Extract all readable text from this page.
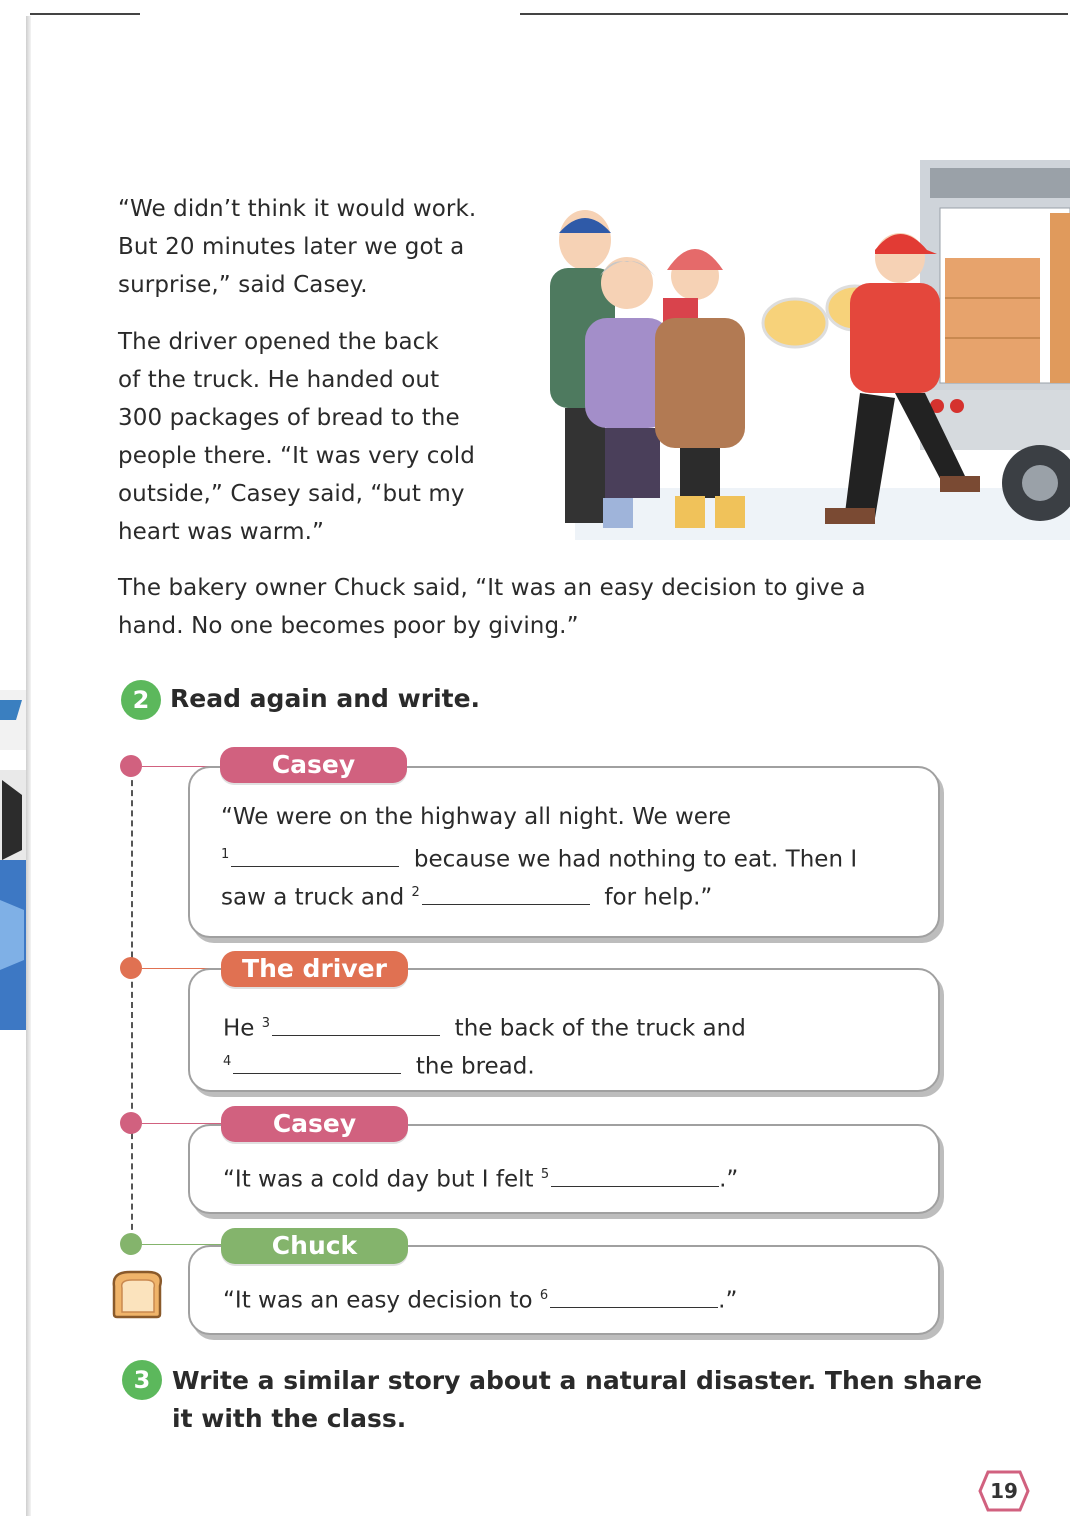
“We didn’t think it would work.
But 20 minutes later we got a
surprise,” said Casey.
The driver opened the back
of the truck. He handed out
300 packages of bread to the
people there. “It was very cold
outside,” Casey said, “but my
heart was warm.”
The bakery owner Chuck said, “It was an easy decision to give a
hand. No one becomes poor by giving.”
2 Read again and write.
“We were on the highway all night. We were
$^1$	because we had nothing to eat. Then I
saw a truck and $^2$	for help.”
Casey
He $^3$	the back of the truck and
$^4$	the bread.
The driver
“It was a cold day but I felt $^5$	.”
Casey
“It was an easy decision to $^6$	.”
Chuck
3 Write a similar story about a natural disaster. Then share
it with the class.
19
